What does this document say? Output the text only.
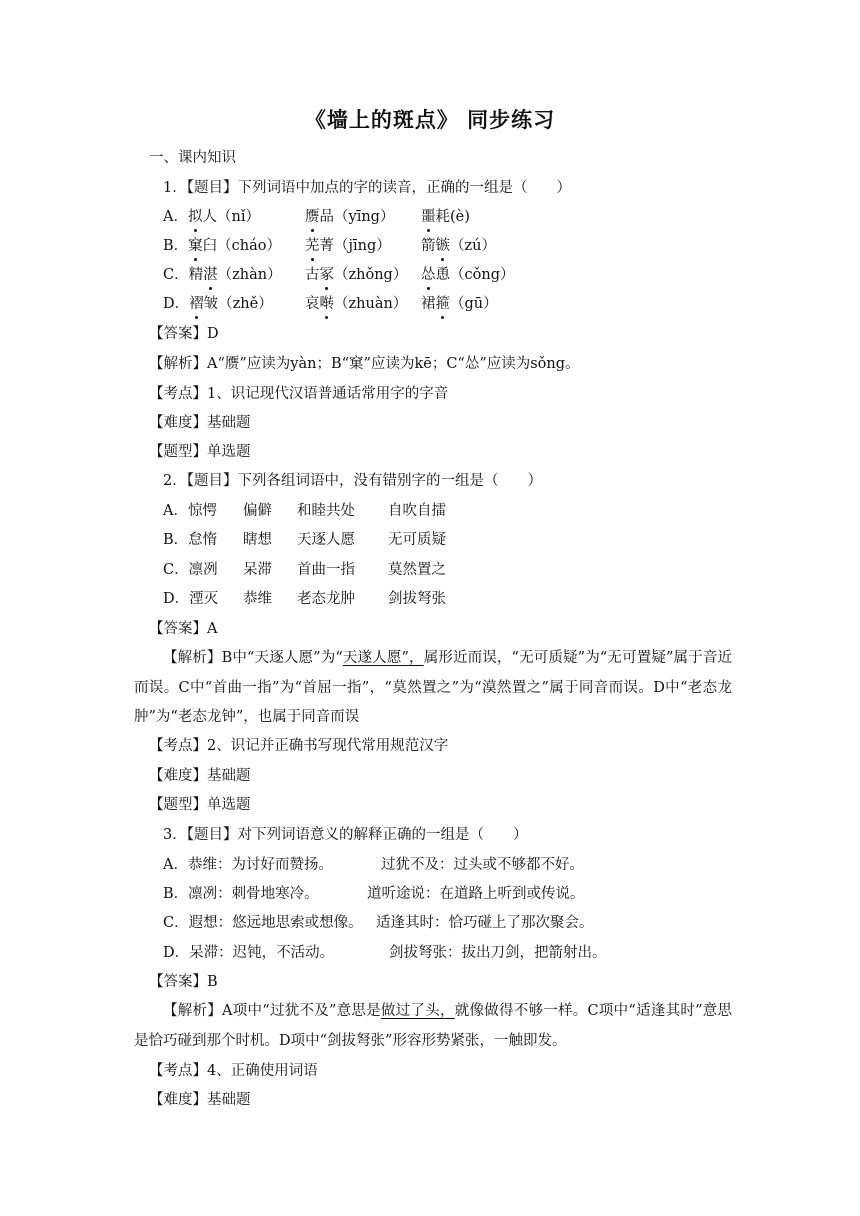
《墙上的斑点》 同步练习
一、课内知识
1．【题目】下列词语中加点的字的读音，正确的一组是（　　）
A．拟人（nǐ）	赝品（yīng） 噩耗(è)
B．窠臼（cháo） 芜菁（jīng） 箭镞（zú）
C．精湛（zhàn） 古冢（zhǒng） 怂恿（cǒng）
D．褶皱（zhě） 哀啭（zhuàn） 裙箍（gū）
【答案】D
【解析】A“赝”应读为yàn；B“窠”应读为kē；C“怂”应读为sǒng。
【考点】1、识记现代汉语普通话常用字的字音
【难度】基础题
【题型】单选题
2．【题目】下列各组词语中，没有错别字的一组是（　　）
A．惊愕 偏僻 和睦共处 自吹自擂
B．怠惰 瞎想 天逐人愿 无可质疑
C．凛冽 呆滞 首曲一指 莫然置之
D．湮灭 恭维 老态龙肿 剑拔弩张
【答案】A
【解析】B中“天逐人愿”为“天遂人愿”，属形近而误，“无可质疑”为“无可置疑”属于音近而误。C中“首曲一指”为“首屈一指”，“莫然置之”为“漠然置之”属于同音而误。D中“老态龙肿”为“老态龙钟”，也属于同音而误
【考点】2、识记并正确书写现代常用规范汉字
【难度】基础题
【题型】单选题
3．【题目】对下列词语意义的解释正确的一组是（　　）
A．恭维：为讨好而赞扬。	过犹不及：过头或不够都不好。
B．凛冽：刺骨地寒冷。	道听途说：在道路上听到或传说。
C．遐想：悠远地思索或想像。 适逢其时：恰巧碰上了那次聚会。
D．呆滞：迟钝，不活动。	剑拔弩张：拔出刀剑，把箭射出。
【答案】B
【解析】A项中“过犹不及”意思是做过了头，就像做得不够一样。C项中“适逢其时”意思是恰巧碰到那个时机。D项中“剑拔弩张”形容形势紧张，一触即发。
【考点】4、正确使用词语
【难度】基础题
